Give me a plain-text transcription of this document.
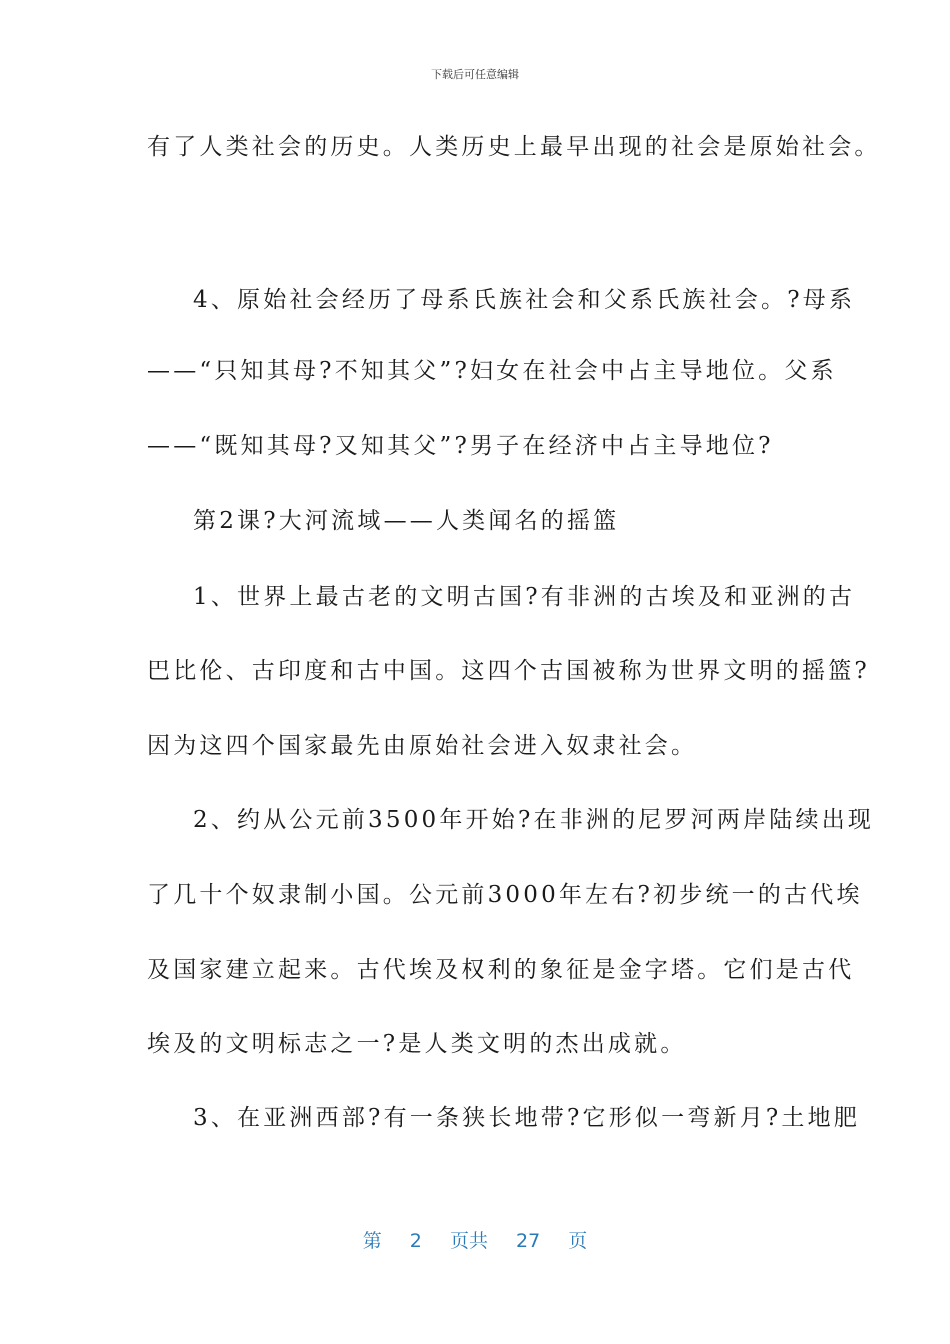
下载后可任意编辑
有了人类社会的历史。人类历史上最早出现的社会是原始社会。
4、原始社会经历了母系氏族社会和父系氏族社会。?母系
——“只知其母?不知其父”?妇女在社会中占主导地位。父系
——“既知其母?又知其父”?男子在经济中占主导地位?
第2课?大河流域——人类闻名的摇篮
1、世界上最古老的文明古国?有非洲的古埃及和亚洲的古
巴比伦、古印度和古中国。这四个古国被称为世界文明的摇篮?
因为这四个国家最先由原始社会进入奴隶社会。
2、约从公元前3500年开始?在非洲的尼罗河两岸陆续出现
了几十个奴隶制小国。公元前3000年左右?初步统一的古代埃
及国家建立起来。古代埃及权利的象征是金字塔。它们是古代
埃及的文明标志之一?是人类文明的杰出成就。
3、在亚洲西部?有一条狭长地带?它形似一弯新月?土地肥
第 2 页共 27 页
